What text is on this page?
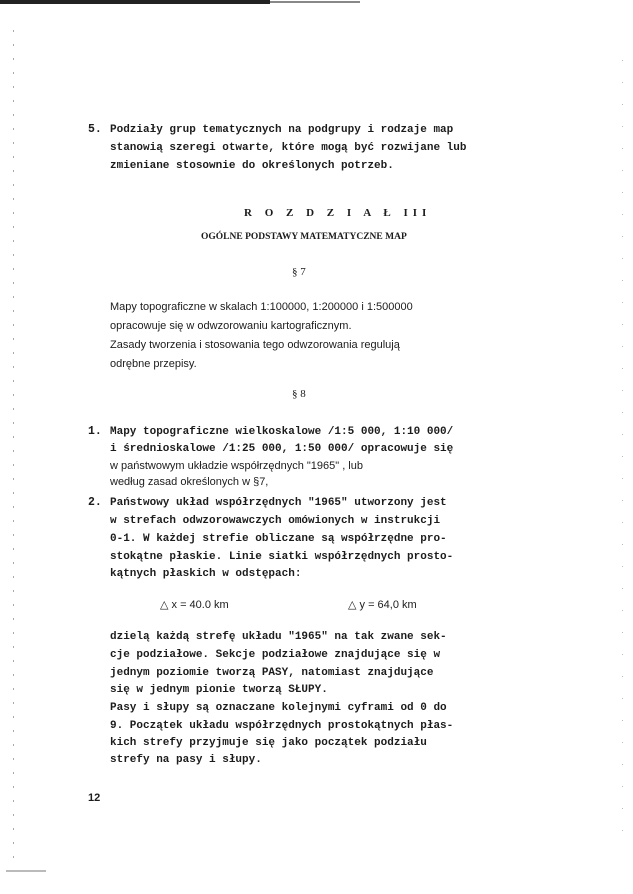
5. Podziały grup tematycznych na podgrupy i rodzaje map
stanowią szeregi otwarte, które mogą być rozwijane lub
zmieniane stosownie do określonych potrzeb.
R O Z D Z I A Ł III
OGÓLNE PODSTAWY MATEMATYCZNE MAP
§ 7
Mapy topograficzne w skalach 1:100000, 1:200000 i 1:500000
opracowuje się w odwzorowaniu kartograficznym.
Zasady tworzenia i stosowania tego odwzorowania regulują
odrębne przepisy.
§ 8
1. Mapy topograficzne wielkoskalowe /1:5 000, 1:10 000/
i średnioskalowe /1:25 000, 1:50 000/ opracowuje się
w państwowym układzie współrzędnych "1965" , lub
według zasad określonych w §7,
2. Państwowy układ współrzędnych "1965" utworzony jest
w strefach odwzorowawczych omówionych w instrukcji
0-1. W każdej strefie obliczane są współrzędne pro-
stokątne płaskie. Linie siatki współrzędnych prosto-
kątnych płaskich w odstępach:
△ x = 40.0 km	△ y = 64,0 km
dzielą każdą strefę układu "1965" na tak zwane sek-
cje podziałowe. Sekcje podziałowe znajdujące się w
jednym poziomie tworzą PASY, natomiast znajdujące
się w jednym pionie tworzą SŁUPY.
Pasy i słupy są oznaczane kolejnymi cyframi od 0 do
9. Początek układu współrzędnych prostokątnych płas-
kich strefy przyjmuje się jako początek podziału
strefy na pasy i słupy.
12
